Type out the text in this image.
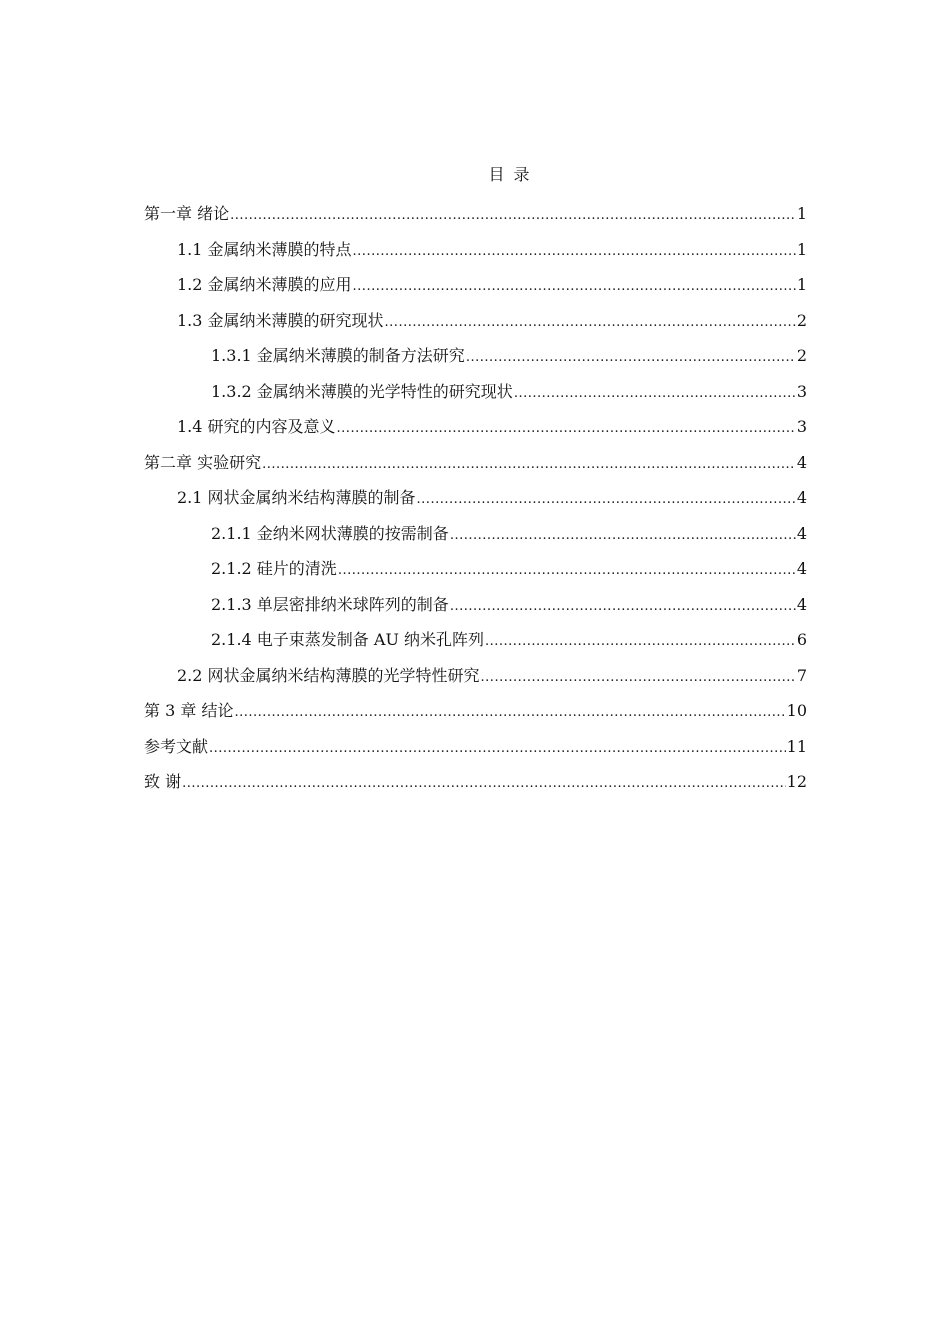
目 录
第一章 绪论 .....	1
1.1 金属纳米薄膜的特点 .....	1
1.2 金属纳米薄膜的应用 .....	1
1.3 金属纳米薄膜的研究现状 .....	2
1.3.1 金属纳米薄膜的制备方法研究 .....	2
1.3.2 金属纳米薄膜的光学特性的研究现状 .....	3
1.4 研究的内容及意义 .....	3
第二章 实验研究 .....	4
2.1 网状金属纳米结构薄膜的制备 .....	4
2.1.1 金纳米网状薄膜的按需制备 .....	4
2.1.2 硅片的清洗 .....	4
2.1.3 单层密排纳米球阵列的制备 .....	4
2.1.4 电子束蒸发制备 AU 纳米孔阵列 .....	6
2.2 网状金属纳米结构薄膜的光学特性研究 .....	7
第 3 章 结论 .....	10
参考文献 .....	11
致 谢 .....	12
